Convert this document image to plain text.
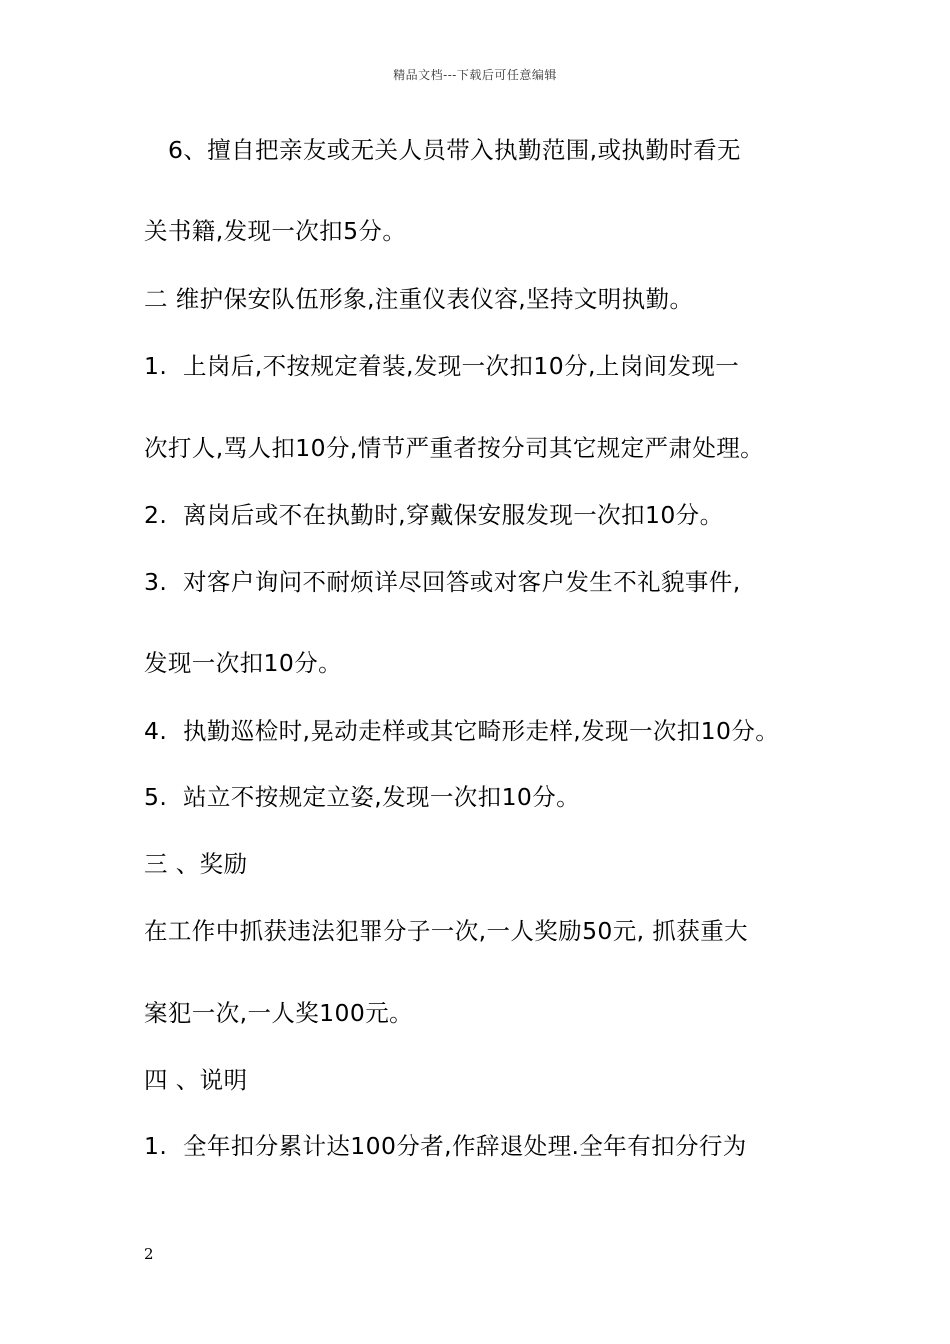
精品文档---下载后可任意编辑
6、擅自把亲友或无关人员带入执勤范围,或执勤时看无
关书籍,发现一次扣5分。
二 维护保安队伍形象,注重仪表仪容,坚持文明执勤。
1. 上岗后,不按规定着装,发现一次扣10分,上岗间发现一
次打人,骂人扣10分,情节严重者按分司其它规定严肃处理。
2. 离岗后或不在执勤时,穿戴保安服发现一次扣10分。
3. 对客户询问不耐烦详尽回答或对客户发生不礼貌事件,
发现一次扣10分。
4. 执勤巡检时,晃动走样或其它畸形走样,发现一次扣10分。
5. 站立不按规定立姿,发现一次扣10分。
三 、奖励
在工作中抓获违法犯罪分子一次,一人奖励50元, 抓获重大
案犯一次,一人奖100元。
四 、说明
1. 全年扣分累计达100分者,作辞退处理.全年有扣分行为
2
